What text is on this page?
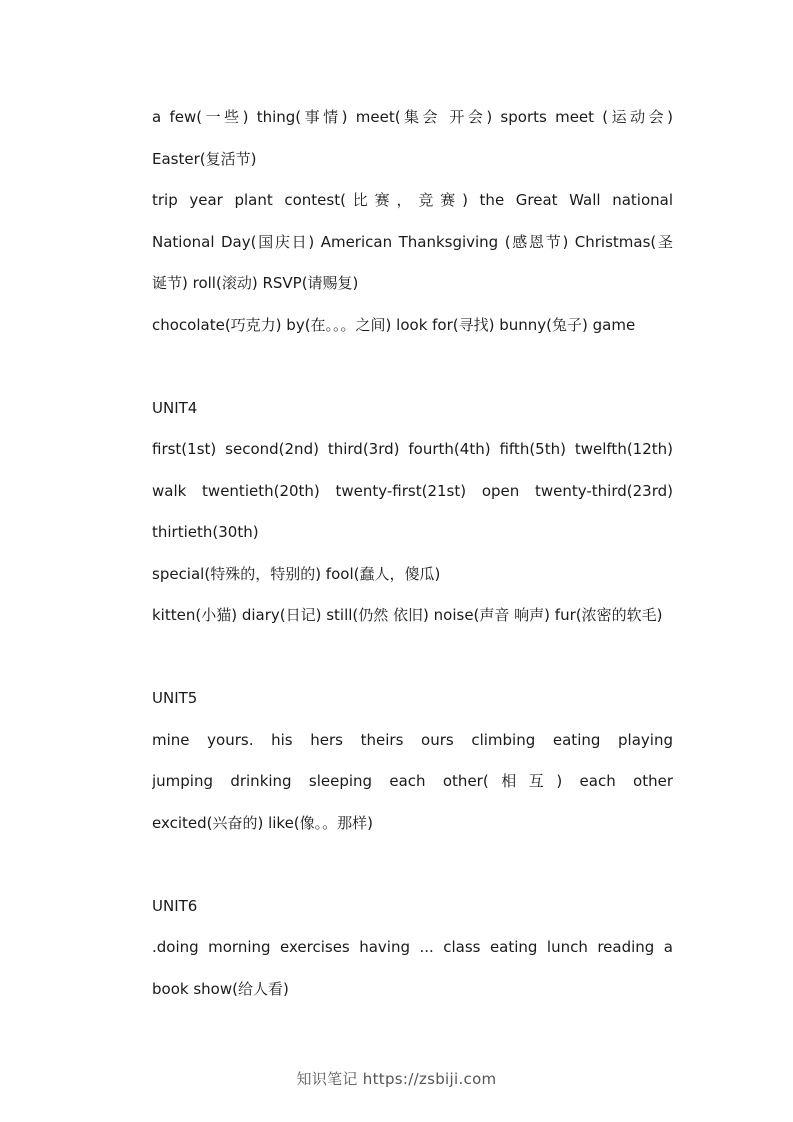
a few(一些) thing(事情) meet(集会 开会) sports meet (运动会)
Easter(复活节)
trip year plant contest(比赛，竞赛) the Great Wall national
National Day(国庆日) American Thanksgiving (感恩节) Christmas(圣
诞节) roll(滚动) RSVP(请赐复)
chocolate(巧克力) by(在。。。之间) look for(寻找) bunny(兔子) game
UNIT4
first(1st) second(2nd) third(3rd) fourth(4th) fifth(5th) twelfth(12th)
walk twentieth(20th) twenty-first(21st) open twenty-third(23rd)
thirtieth(30th)
special(特殊的，特别的) fool(蠢人，傻瓜)
kitten(小猫) diary(日记) still(仍然 依旧) noise(声音 响声) fur(浓密的软毛)
UNIT5
mine yours. his hers theirs ours climbing eating playing
jumping drinking sleeping each other(相互) each other
excited(兴奋的) like(像。。那样)
UNIT6
.doing morning exercises having ... class eating lunch reading a
book show(给人看)
知识笔记 https://zsbiji.com
